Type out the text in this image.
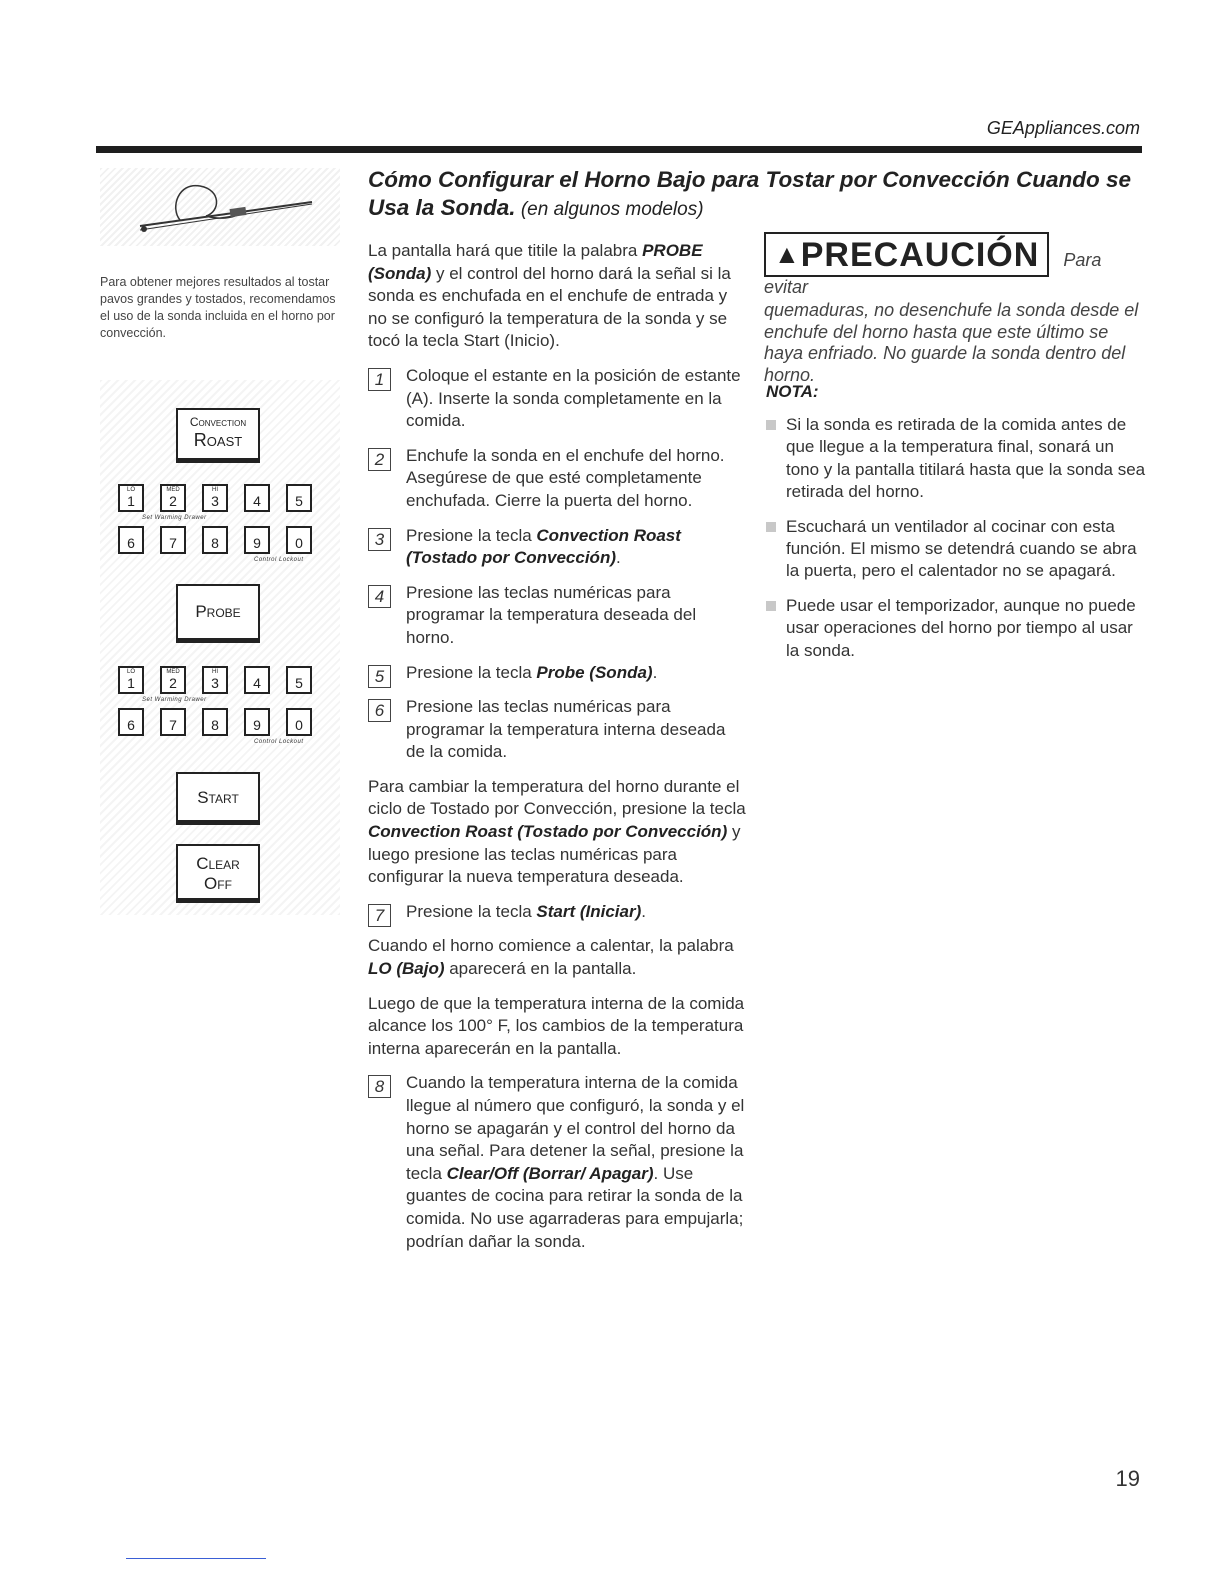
GEAppliances.com
Para obtener mejores resultados al tostar pavos grandes y tostados, recomendamos el uso de la sonda incluida en el horno por convección.
Convection
Roast
LO
1
MED
2
HI
3	4	5
6	7	8	9	0
Set Warming Drawer
Control Lockout
Probe
LO
1
MED
2
HI
3	4	5
6	7	8	9	0
Set Warming Drawer
Control Lockout
Start
Clear
Off
Cómo Configurar el Horno Bajo para Tostar por Convección Cuando se Usa la Sonda. (en algunos modelos)

La pantalla hará que titile la palabra PROBE (Sonda) y el control del horno dará la señal si la sonda es enchufada en el enchufe de entrada y no se configuró la temperatura de la sonda y se tocó la tecla Start (Inicio).

1	Coloque el estante en la posición de estante (A). Inserte la sonda completamente en la comida.
2	Enchufe la sonda en el enchufe del horno. Asegúrese de que esté completamente enchufada. Cierre la puerta del horno.
3	Presione la tecla Convection Roast (Tostado por Convección).
4	Presione las teclas numéricas para programar la temperatura deseada del horno.
5	Presione la tecla Probe (Sonda).
6	Presione las teclas numéricas para programar la temperatura interna deseada de la comida.

Para cambiar la temperatura del horno durante el ciclo de Tostado por Convección, presione la tecla Convection Roast (Tostado por Convección) y luego presione las teclas numéricas para configurar la nueva temperatura deseada.

7	Presione la tecla Start (Iniciar).

Cuando el horno comience a calentar, la palabra LO (Bajo) aparecerá en la pantalla.

Luego de que la temperatura interna de la comida alcance los 100° F, los cambios de la temperatura interna aparecerán en la pantalla.

8	Cuando la temperatura interna de la comida llegue al número que configuró, la sonda y el horno se apagarán y el control del horno da una señal. Para detener la señal, presione la tecla Clear/Off (Borrar/ Apagar). Use guantes de cocina para retirar la sonda de la comida. No use agarraderas para empujarla; podrían dañar la sonda.
▲PRECAUCIÓN Para evitar
quemaduras, no desenchufe la sonda desde el enchufe del horno hasta que este último se haya enfriado. No guarde la sonda dentro del horno.
NOTA:
Si la sonda es retirada de la comida antes de que llegue a la temperatura final, sonará un tono y la pantalla titilará hasta que la sonda sea retirada del horno.
Escuchará un ventilador al cocinar con esta función. El mismo se detendrá cuando se abra la puerta, pero el calentador no se apagará.
Puede usar el temporizador, aunque no puede usar operaciones del horno por tiempo al usar la sonda.
19
